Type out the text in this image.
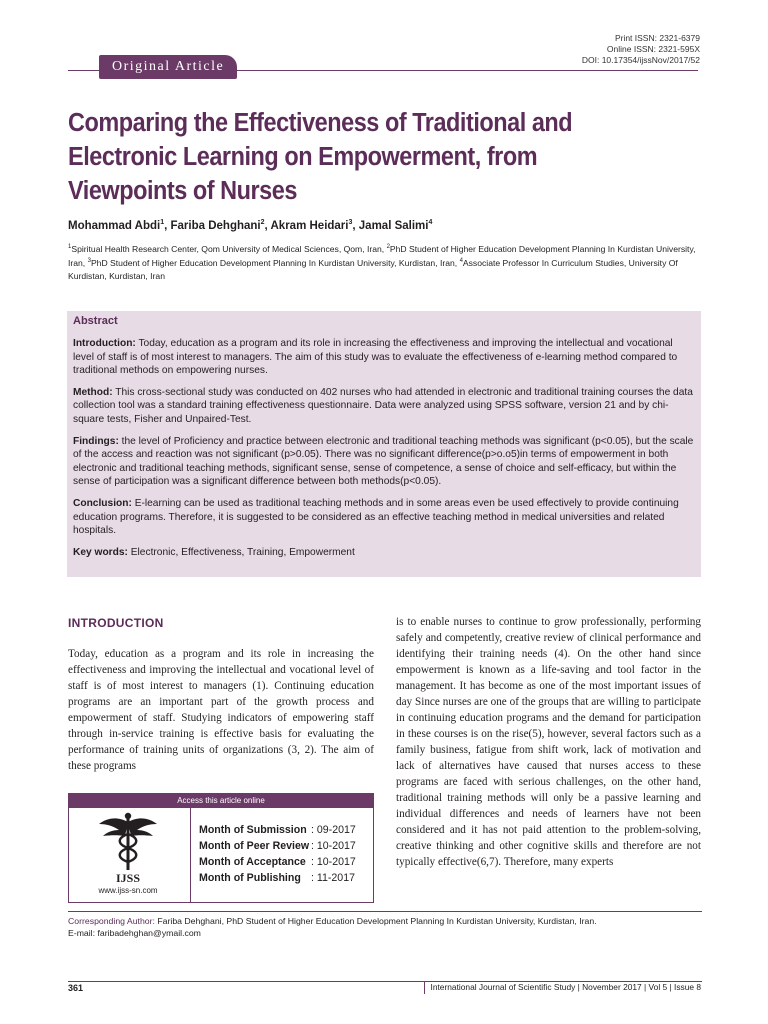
Print ISSN: 2321-6379
Online ISSN: 2321-595X
DOI: 10.17354/ijssNov/2017/52
Original Article
Comparing the Effectiveness of Traditional and
Electronic Learning on Empowerment, from
Viewpoints of Nurses
Mohammad Abdi$^1$, Fariba Dehghani$^2$, Akram Heidari$^3$, Jamal Salimi$^4$
$^1$Spiritual Health Research Center, Qom University of Medical Sciences, Qom, Iran, $^2$PhD Student of Higher Education Development Planning In Kurdistan University, Iran, $^3$PhD Student of Higher Education Development Planning In Kurdistan University, Kurdistan, Iran, $^4$Associate Professor In Curriculum Studies, University Of Kurdistan, Kurdistan, Iran
Abstract

Introduction: Today, education as a program and its role in increasing the effectiveness and improving the intellectual and vocational level of staff is of most interest to managers. The aim of this study was to evaluate the effectiveness of e-learning method compared to traditional methods on empowering nurses.

Method: This cross-sectional study was conducted on 402 nurses who had attended in electronic and traditional training courses the data collection tool was a standard training effectiveness questionnaire. Data were analyzed using SPSS software, version 21 and by chi-square tests, Fisher and Unpaired-Test.

Findings: the level of Proficiency and practice between electronic and traditional teaching methods was significant (p<0.05), but the scale of the access and reaction was not significant (p>0.05). There was no significant difference(p>o.o5)in terms of empowerment in both electronic and traditional teaching methods, significant sense, sense of competence, a sense of choice and self-efficacy, but within the sense of participation was a significant difference between both methods(p<0.05).

Conclusion: E-learning can be used as traditional teaching methods and in some areas even be used effectively to provide continuing education programs. Therefore, it is suggested to be considered as an effective teaching method in medical universities and related hospitals.

Key words: Electronic, Effectiveness, Training, Empowerment

INTRODUCTION
Today, education as a program and its role in increasing the effectiveness and improving the intellectual and vocational level of staff is of most interest to managers (1). Continuing education programs are an important part of the growth process and empowerment of staff. Studying indicators of empowering staff through in-service training is effective basis for evaluating the performance of training units of organizations (3, 2). The aim of these programs
is to enable nurses to continue to grow professionally, performing safely and competently, creative review of clinical performance and identifying their training needs (4). On the other hand since empowerment is known as a life-saving and tool factor in the management. It has become as one of the most important issues of day Since nurses are one of the groups that are willing to participate in continuing education programs and the demand for participation in these courses is on the rise(5), however, several factors such as a family business, fatigue from shift work, lack of motivation and lack of alternatives have caused that nurses access to these programs are faced with serious challenges, on the other hand, traditional training methods will only be a passive learning and individual differences and needs of learners have not been considered and it has not paid attention to the problem-solving, creative thinking and other cognitive skills and therefore are not typically effective(6,7). Therefore, many experts
Access this article online
IJSS
www.ijss-sn.com
Month of Submission : 09-2017
Month of Peer Review : 10-2017
Month of Acceptance : 10-2017
Month of Publishing : 11-2017
Corresponding Author: Fariba Dehghani, PhD Student of Higher Education Development Planning In Kurdistan University, Kurdistan, Iran.
E-mail: faribadehghan@ymail.com
361	International Journal of Scientific Study | November 2017 | Vol 5 | Issue 8
